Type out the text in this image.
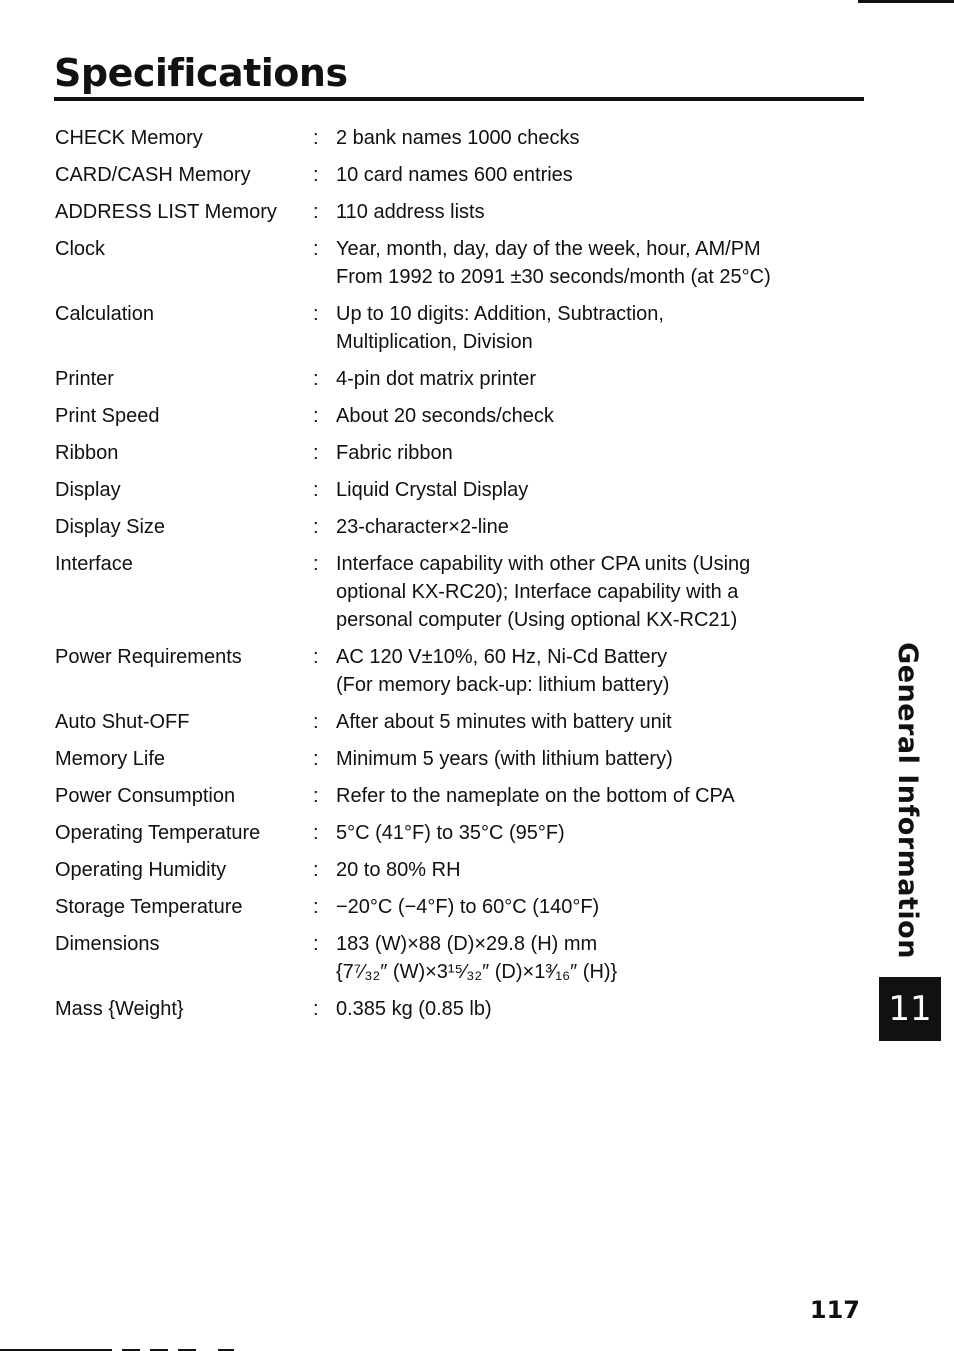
Specifications
CHECK Memory	: 2 bank names 1000 checks
CARD/CASH Memory	: 10 card names 600 entries
ADDRESS LIST Memory	: 110 address lists
Clock	: Year, month, day, day of the week, hour, AM/PM
From 1992 to 2091 ±30 seconds/month (at 25°C)
Calculation	: Up to 10 digits: Addition, Subtraction,
Multiplication, Division
Printer	: 4-pin dot matrix printer
Print Speed	: About 20 seconds/check
Ribbon	: Fabric ribbon
Display	: Liquid Crystal Display
Display Size	: 23-character×2-line
Interface	: Interface capability with other CPA units (Using
optional KX-RC20); Interface capability with a
personal computer (Using optional KX-RC21)
Power Requirements	: AC 120 V±10%, 60 Hz, Ni-Cd Battery
(For memory back-up: lithium battery)
Auto Shut-OFF	: After about 5 minutes with battery unit
Memory Life	: Minimum 5 years (with lithium battery)
Power Consumption	: Refer to the nameplate on the bottom of CPA
Operating Temperature	: 5°C (41°F) to 35°C (95°F)
Operating Humidity	: 20 to 80% RH
Storage Temperature	: −20°C (−4°F) to 60°C (140°F)
Dimensions	: 183 (W)×88 (D)×29.8 (H) mm
{7⁷⁄₃₂″ (W)×3¹⁵⁄₃₂″ (D)×1³⁄₁₆″ (H)}
Mass {Weight}	: 0.385 kg (0.85 lb)
General Information
11
117
